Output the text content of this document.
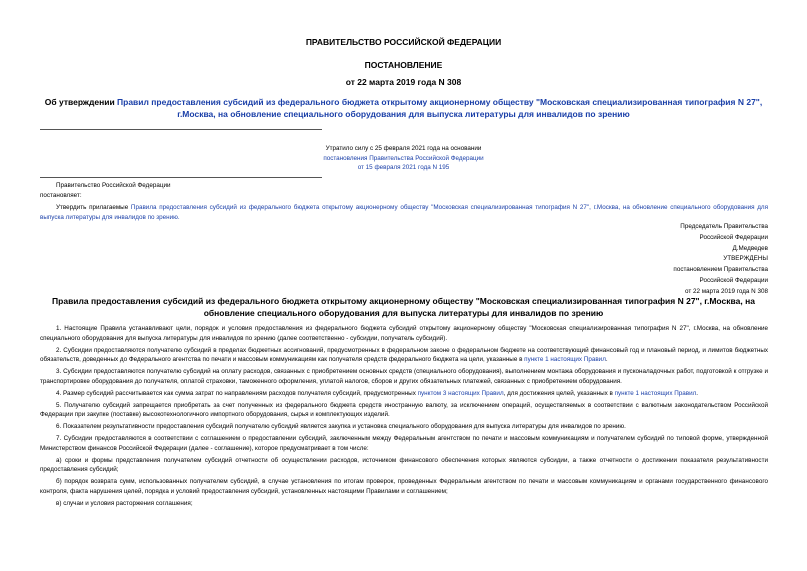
ПРАВИТЕЛЬСТВО РОССИЙСКОЙ ФЕДЕРАЦИИ
ПОСТАНОВЛЕНИЕ
от 22 марта 2019 года N 308
Об утверждении Правил предоставления субсидий из федерального бюджета открытому акционерному обществу "Московская специализированная типография N 27", г.Москва, на обновление специального оборудования для выпуска литературы для инвалидов по зрению
Утратило силу с 25 февраля 2021 года на основании
постановления Правительства Российской Федерации
от 15 февраля 2021 года N 195

Правительство Российской Федерации

постановляет:

Утвердить прилагаемые Правила предоставления субсидий из федерального бюджета открытому акционерному обществу "Московская специализированная типография N 27", г.Москва, на обновление специального оборудования для выпуска литературы для инвалидов по зрению.

Председатель Правительства
Российской Федерации
Д.Медведев
УТВЕРЖДЕНЫ
постановлением Правительства
Российской Федерации
от 22 марта 2019 года N 308
Правила предоставления субсидий из федерального бюджета открытому акционерному обществу "Московская специализированная типография N 27", г.Москва, на обновление специального оборудования для выпуска литературы для инвалидов по зрению

1. Настоящие Правила устанавливают цели, порядок и условия предоставления из федерального бюджета субсидий открытому акционерному обществу "Московская специализированная типография N 27", г.Москва, на обновление специального оборудования для выпуска литературы для инвалидов по зрению (далее соответственно - субсидии, получатель субсидий).

2. Субсидии предоставляются получателю субсидий в пределах бюджетных ассигнований, предусмотренных в федеральном законе о федеральном бюджете на соответствующий финансовый год и плановый период, и лимитов бюджетных обязательств, доведенных до Федерального агентства по печати и массовым коммуникациям как получателя средств федерального бюджета на цели, указанные в пункте 1 настоящих Правил.

3. Субсидии предоставляются получателю субсидий на оплату расходов, связанных с приобретением основных средств (специального оборудования), выполнением монтажа оборудования и пусконаладочных работ, подготовкой к отгрузке и транспортировке оборудования до получателя, оплатой страховки, таможенного оформления, уплатой налогов, сборов и других обязательных платежей, связанных с приобретением оборудования.

4. Размер субсидий рассчитывается как сумма затрат по направлениям расходов получателя субсидий, предусмотренных пунктом 3 настоящих Правил, для достижения целей, указанных в пункте 1 настоящих Правил.

5. Получателю субсидий запрещается приобретать за счет полученных из федерального бюджета средств иностранную валюту, за исключением операций, осуществляемых в соответствии с валютным законодательством Российской Федерации при закупке (поставке) высокотехнологичного импортного оборудования, сырья и комплектующих изделий.

6. Показателем результативности предоставления субсидий получателю субсидий является закупка и установка специального оборудования для выпуска литературы для инвалидов по зрению.

7. Субсидии предоставляются в соответствии с соглашением о предоставлении субсидий, заключенным между Федеральным агентством по печати и массовым коммуникациям и получателем субсидий по типовой форме, утвержденной Министерством финансов Российской Федерации (далее - соглашение), которое предусматривает в том числе:

а) сроки и формы представления получателем субсидий отчетности об осуществлении расходов, источником финансового обеспечения которых являются субсидии, а также отчетности о достижении показателя результативности предоставления субсидий;

б) порядок возврата сумм, использованных получателем субсидий, в случае установления по итогам проверок, проведенных Федеральным агентством по печати и массовым коммуникациям и органами государственного финансового контроля, факта нарушения целей, порядка и условий предоставления субсидий, установленных настоящими Правилами и соглашением;

в) случаи и условия расторжения соглашения;
